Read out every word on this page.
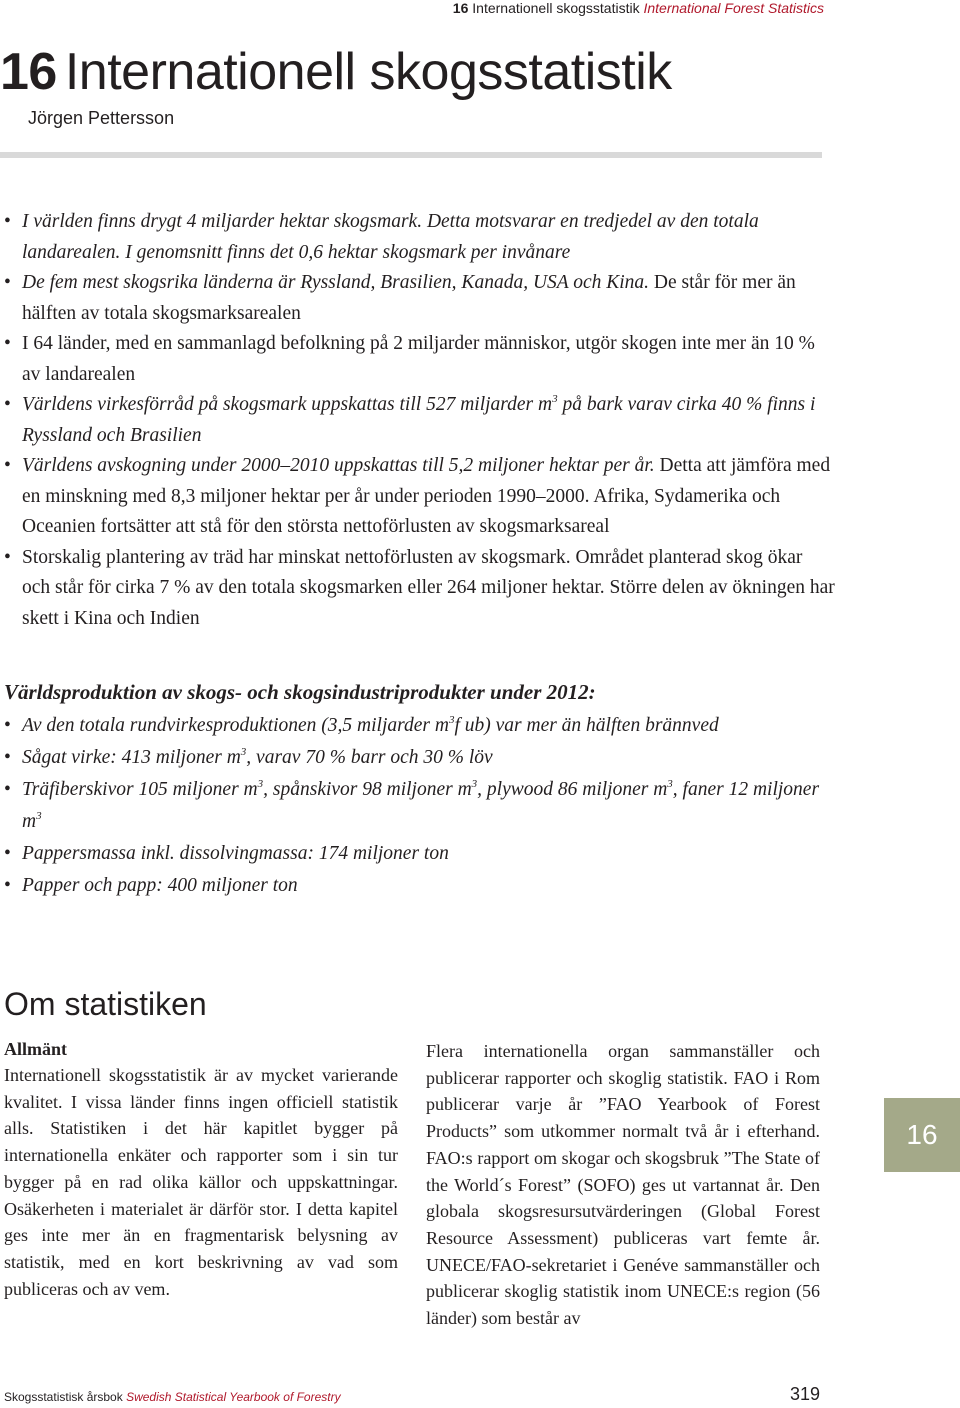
16 Internationell skogsstatistik International Forest Statistics
16 Internationell skogsstatistik
Jörgen Pettersson
• I världen finns drygt 4 miljarder hektar skogsmark. Detta motsvarar en tredjedel av den totala landarealen. I genomsnitt finns det 0,6 hektar skogsmark per invånare
• De fem mest skogsrika länderna är Ryssland, Brasilien, Kanada, USA och Kina. De står för mer än hälften av totala skogsmarksarealen
• I 64 länder, med en sammanlagd befolkning på 2 miljarder människor, utgör skogen inte mer än 10 % av landarealen
• Världens virkesförråd på skogsmark uppskattas till 527 miljarder $m^3$ på bark varav cirka 40 % finns i Ryssland och Brasilien
• Världens avskogning under 2000–2010 uppskattas till 5,2 miljoner hektar per år. Detta att jämföra med en minskning med 8,3 miljoner hektar per år under perioden 1990–2000. Afrika, Sydamerika och Oceanien fortsätter att stå för den största nettoförlusten av skogsmarksareal
• Storskalig plantering av träd har minskat nettoförlusten av skogsmark. Området planterad skog ökar och står för cirka 7 % av den totala skogsmarken eller 264 miljoner hektar. Större delen av ökningen har skett i Kina och Indien
Världsproduktion av skogs- och skogsindustriprodukter under 2012:
• Av den totala rundvirkesproduktionen (3,5 miljarder $m^3f$ ub) var mer än hälften brännved
• Sågat virke: 413 miljoner $m^3$, varav 70 % barr och 30 % löv
• Träfiberskivor 105 miljoner $m^3$, spånskivor 98 miljoner $m^3$, plywood 86 miljoner $m^3$, faner 12 miljoner $m^3$
• Pappersmassa inkl. dissolvingmassa: 174 miljoner ton
• Papper och papp: 400 miljoner ton
Om statistiken
Allmänt

Internationell skogsstatistik är av mycket varierande kvalitet. I vissa länder finns ingen officiell statistik alls. Statistiken i det här kapitlet bygger på internationella enkäter och rapporter som i sin tur bygger på en rad olika källor och uppskattningar. Osäkerheten i materialet är därför stor. I detta kapitel ges inte mer än en fragmentarisk belysning av statistik, med en kort beskrivning av vad som publiceras och av vem.

Flera internationella organ sammanställer och publicerar rapporter och skoglig statistik. FAO i Rom publicerar varje år ”FAO Yearbook of Forest Products” som utkommer normalt två år i efterhand. FAO:s rapport om skogar och skogsbruk ”The State of the World´s Forest” (SOFO) ges ut vartannat år. Den globala skogsresursutvärderingen (Global Forest Resource Assessment) publiceras vart femte år. UNECE/FAO-sekretariet i Genéve sammanställer och publicerar skoglig statistik inom UNECE:s region (56 länder) som består av

16
Skogsstatistisk årsbok Swedish Statistical Yearbook of Forestry	319
